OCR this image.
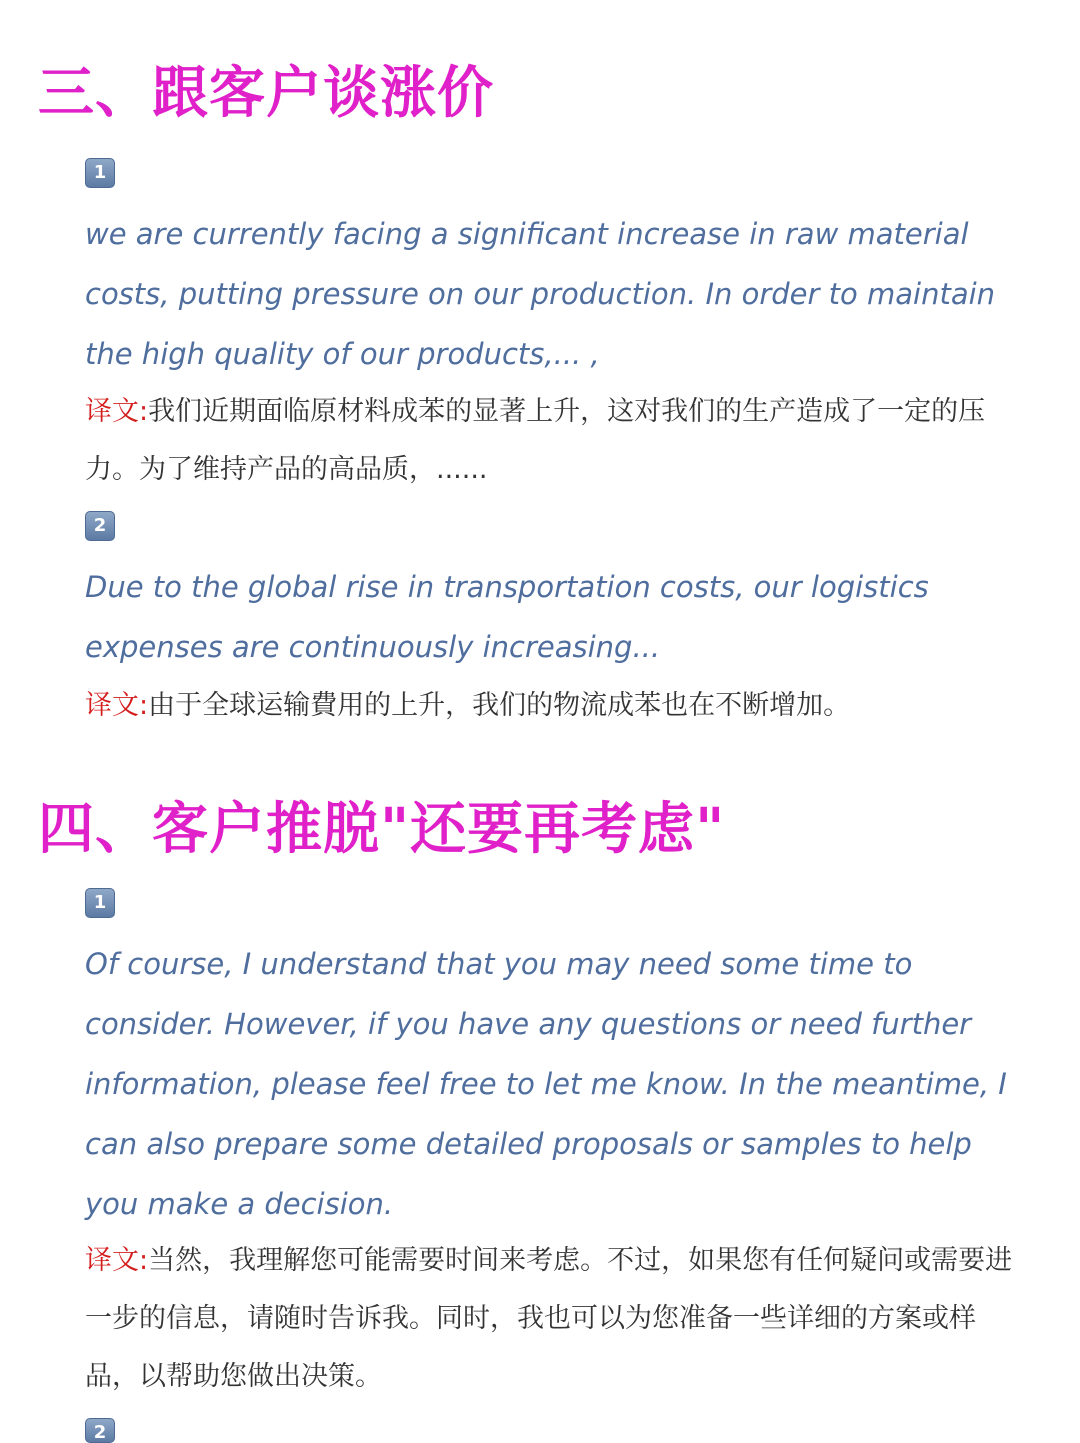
三、跟客户谈涨价
1

we are currently facing a significant increase in raw material costs, putting pressure on our production. In order to maintain the high quality of our products,... ,

译文:我们近期面临原材料成苯的显著上升，这对我们的生产造成了一定的压力。为了维持产品的高品质，......

2

Due to the global rise in transportation costs, our logistics expenses are continuously increasing...

译文:由于全球运输費用的上升，我们的物流成苯也在不断增加。

四、客户推脱"还要再考虑"
1

Of course, I understand that you may need some time to consider. However, if you have any questions or need further information, please feel free to let me know. In the meantime, I can also prepare some detailed proposals or samples to help you make a decision.

译文:当然，我理解您可能需要时间来考虑。不过，如果您有任何疑问或需要进一步的信息，请随时告诉我。同时，我也可以为您准备一些详细的方案或样品，以帮助您做出决策。

2
